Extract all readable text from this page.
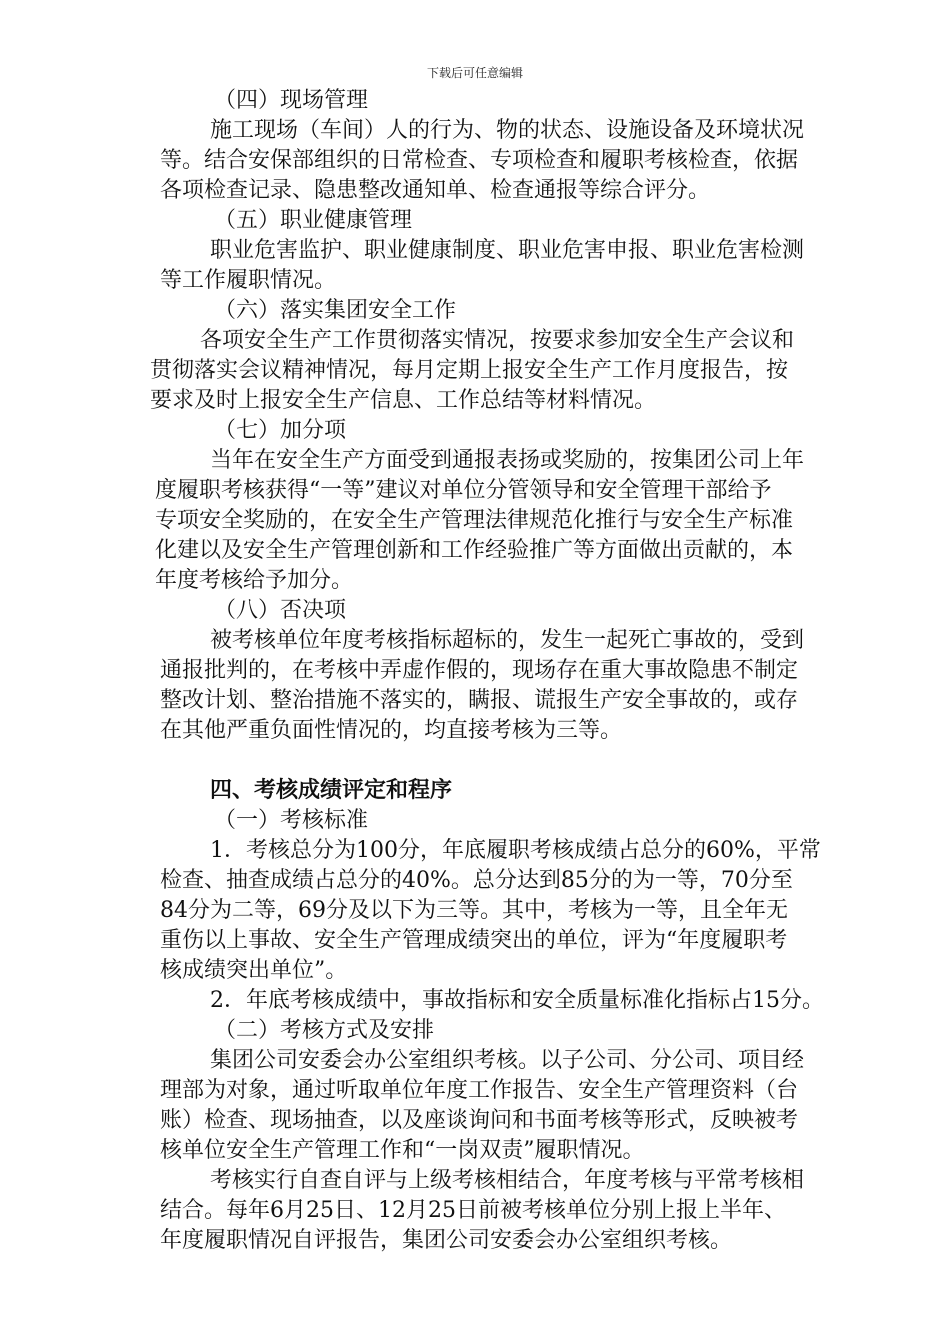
下载后可任意编辑
（四）现场管理
施工现场（车间）人的行为、物的状态、设施设备及环境状况
等。结合安保部组织的日常检查、专项检查和履职考核检查，依据
各项检查记录、隐患整改通知单、检查通报等综合评分。
（五）职业健康管理
职业危害监护、职业健康制度、职业危害申报、职业危害检测
等工作履职情况。
（六）落实集团安全工作
各项安全生产工作贯彻落实情况，按要求参加安全生产会议和
贯彻落实会议精神情况，每月定期上报安全生产工作月度报告，按
要求及时上报安全生产信息、工作总结等材料情况。
（七）加分项
当年在安全生产方面受到通报表扬或奖励的，按集团公司上年
度履职考核获得“一等”建议对单位分管领导和安全管理干部给予
专项安全奖励的，在安全生产管理法律规范化推行与安全生产标准
化建以及安全生产管理创新和工作经验推广等方面做出贡献的，本
年度考核给予加分。
（八）否决项
被考核单位年度考核指标超标的，发生一起死亡事故的，受到
通报批判的，在考核中弄虚作假的，现场存在重大事故隐患不制定
整改计划、整治措施不落实的，瞒报、谎报生产安全事故的，或存
在其他严重负面性情况的，均直接考核为三等。
四、考核成绩评定和程序
（一）考核标准
1．考核总分为100分，年底履职考核成绩占总分的60%，平常
检查、抽查成绩占总分的40%。总分达到85分的为一等，70分至
84分为二等，69分及以下为三等。其中，考核为一等，且全年无
重伤以上事故、安全生产管理成绩突出的单位，评为“年度履职考
核成绩突出单位”。
2．年底考核成绩中，事故指标和安全质量标准化指标占15分。
（二）考核方式及安排
集团公司安委会办公室组织考核。以子公司、分公司、项目经
理部为对象，通过听取单位年度工作报告、安全生产管理资料（台
账）检查、现场抽查，以及座谈询问和书面考核等形式，反映被考
核单位安全生产管理工作和“一岗双责”履职情况。
考核实行自查自评与上级考核相结合，年度考核与平常考核相
结合。每年6月25日、12月25日前被考核单位分别上报上半年、
年度履职情况自评报告，集团公司安委会办公室组织考核。
